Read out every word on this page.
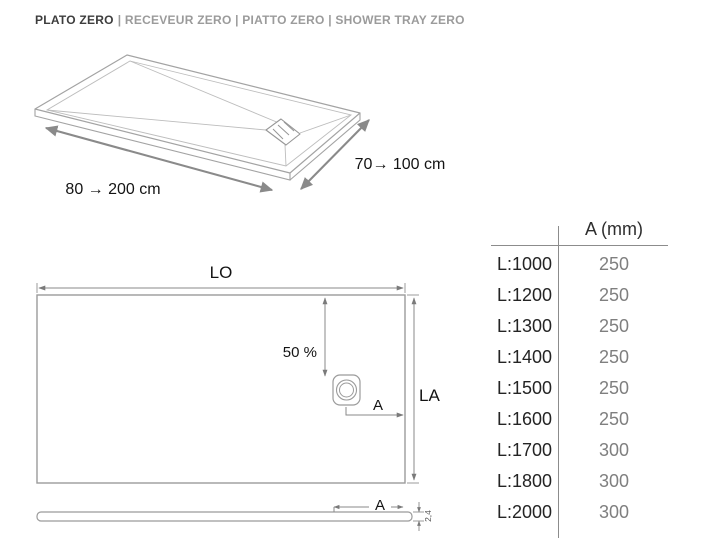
PLATO ZERO | RECEVEUR ZERO | PIATTO ZERO | SHOWER TRAY ZERO
80 → 200 cm
70→ 100 cm
LO
LA
50 %
A
A
2,4
A (mm)
L:1000	250
L:1200	250
L:1300	250
L:1400	250
L:1500	250
L:1600	250
L:1700	300
L:1800	300
L:2000	300
